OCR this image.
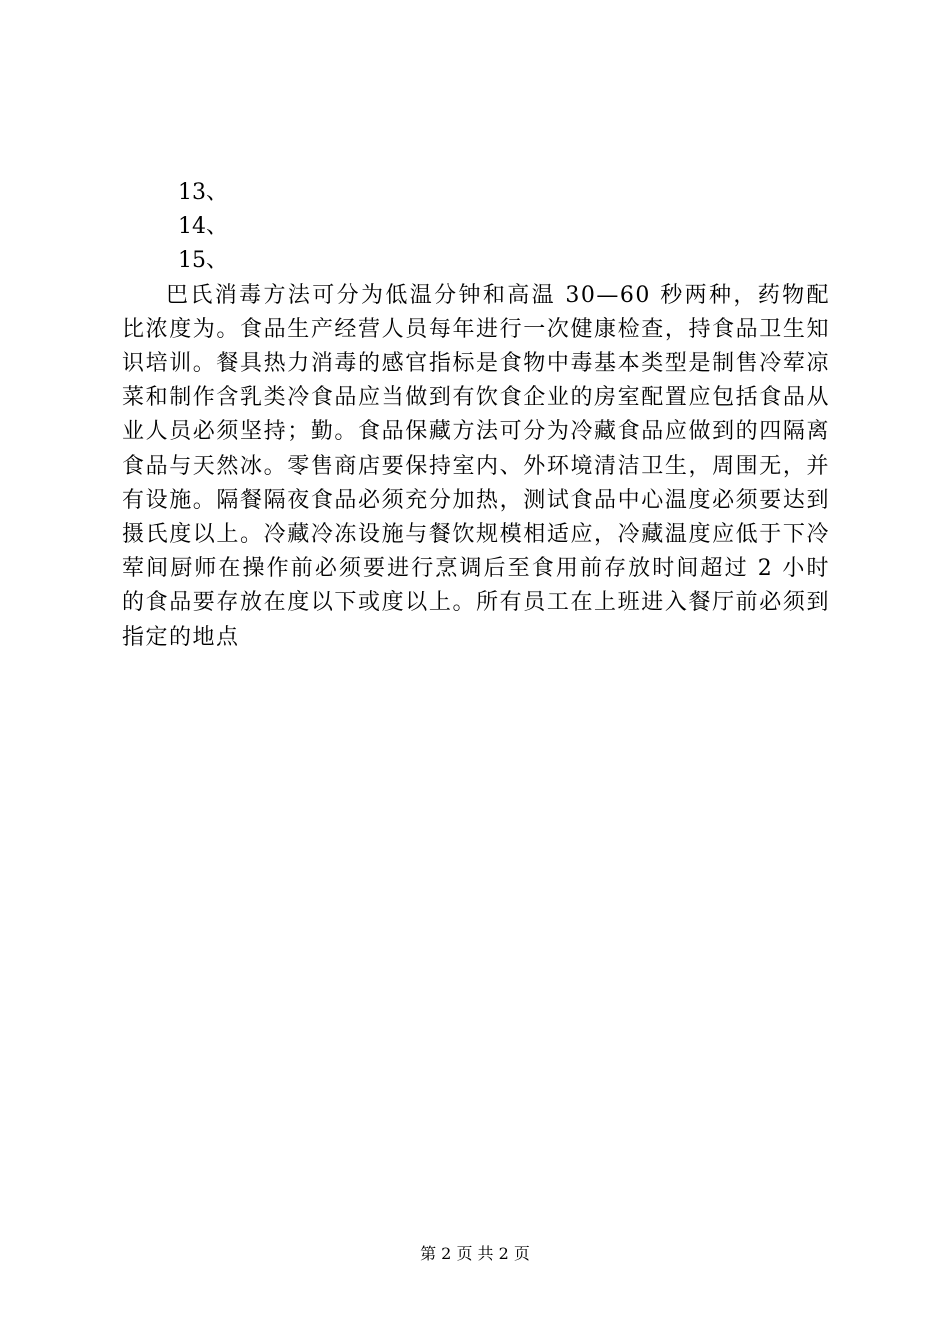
13、

14、

15、

巴氏消毒方法可分为低温分钟和高温 30—60 秒两种，药物配比浓度为。食品生产经营人员每年进行一次健康检查，持食品卫生知识培训。餐具热力消毒的感官指标是食物中毒基本类型是制售冷荤凉菜和制作含乳类冷食品应当做到有饮食企业的房室配置应包括食品从业人员必须坚持；勤。食品保藏方法可分为冷藏食品应做到的四隔离食品与天然冰。零售商店要保持室内、外环境清洁卫生，周围无，并有设施。隔餐隔夜食品必须充分加热，测试食品中心温度必须要达到摄氏度以上。冷藏冷冻设施与餐饮规模相适应，冷藏温度应低于下冷荤间厨师在操作前必须要进行烹调后至食用前存放时间超过 2 小时的食品要存放在度以下或度以上。所有员工在上班进入餐厅前必须到指定的地点

第 2 页 共 2 页
